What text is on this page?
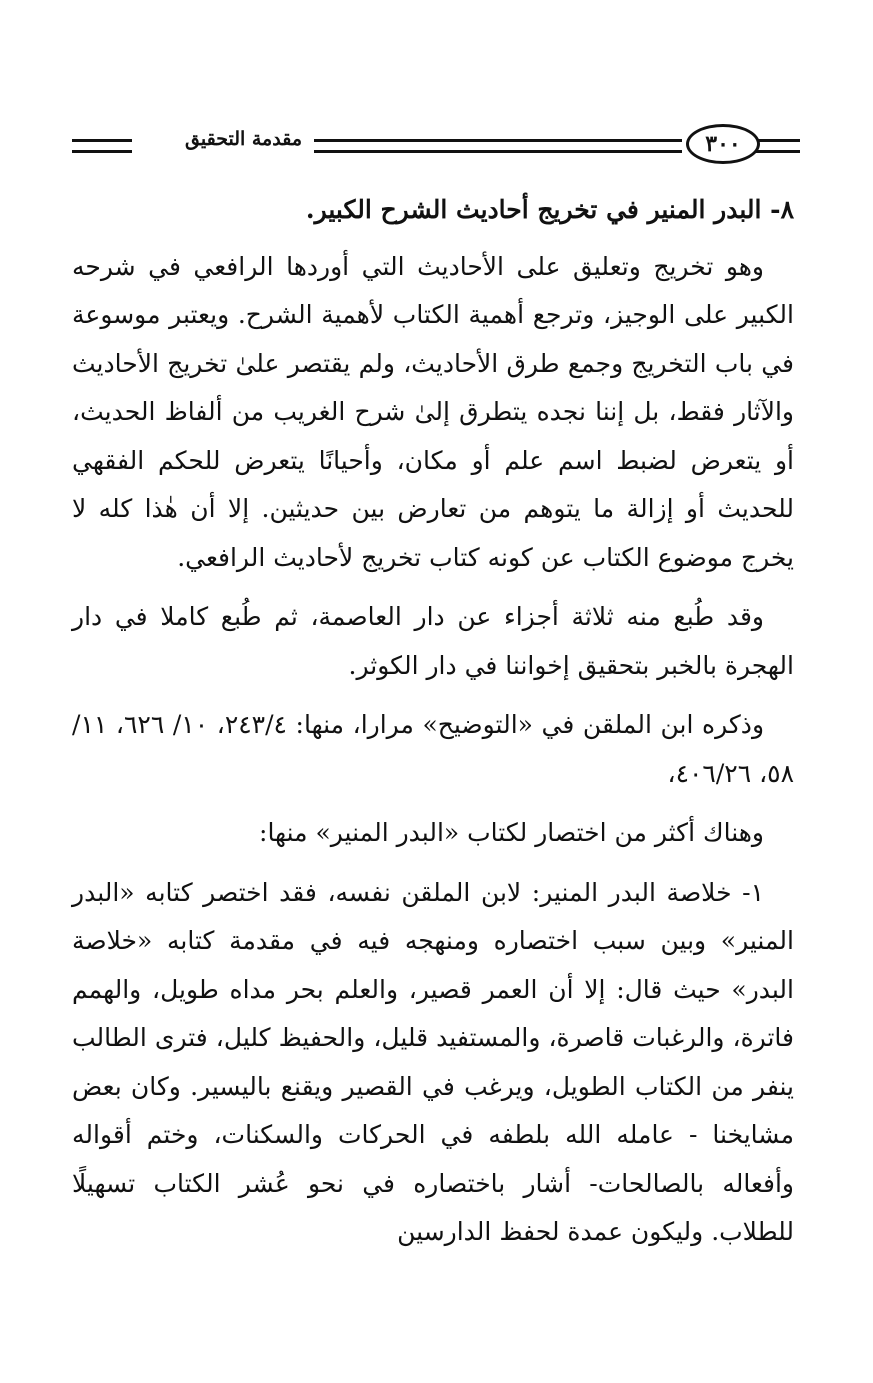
٣٠٠
مقدمة التحقيق

٨- البدر المنير في تخريج أحاديث الشرح الكبير.

وهو تخريج وتعليق على الأحاديث التي أوردها الرافعي في شرحه الكبير على الوجيز، وترجع أهمية الكتاب لأهمية الشرح. ويعتبر موسوعة في باب التخريج وجمع طرق الأحاديث، ولم يقتصر علىٰ تخريج الأحاديث والآثار فقط، بل إننا نجده يتطرق إلىٰ شرح الغريب من ألفاظ الحديث، أو يتعرض لضبط اسم علم أو مكان، وأحيانًا يتعرض للحكم الفقهي للحديث أو إزالة ما يتوهم من تعارض بين حديثين. إلا أن هٰذا كله لا يخرج موضوع الكتاب عن كونه كتاب تخريج لأحاديث الرافعي.

وقد طُبع منه ثلاثة أجزاء عن دار العاصمة، ثم طُبع كاملا في دار الهجرة بالخبر بتحقيق إخواننا في دار الكوثر.

وذكره ابن الملقن في «التوضيح» مرارا، منها: ٢٤٣/٤، ١٠/ ٦٢٦، ١١/ ٥٨، ٤٠٦/٢٦،

وهناك أكثر من اختصار لكتاب «البدر المنير» منها:

١- خلاصة البدر المنير: لابن الملقن نفسه، فقد اختصر كتابه «البدر المنير» وبين سبب اختصاره ومنهجه فيه في مقدمة كتابه «خلاصة البدر» حيث قال: إلا أن العمر قصير، والعلم بحر مداه طويل، والهمم فاترة، والرغبات قاصرة، والمستفيد قليل، والحفيظ كليل، فترى الطالب ينفر من الكتاب الطويل، ويرغب في القصير ويقنع باليسير. وكان بعض مشايخنا - عامله الله بلطفه في الحركات والسكنات، وختم أقواله وأفعاله بالصالحات- أشار باختصاره في نحو عُشر الكتاب تسهيلًا للطلاب. وليكون عمدة لحفظ الدارسين
